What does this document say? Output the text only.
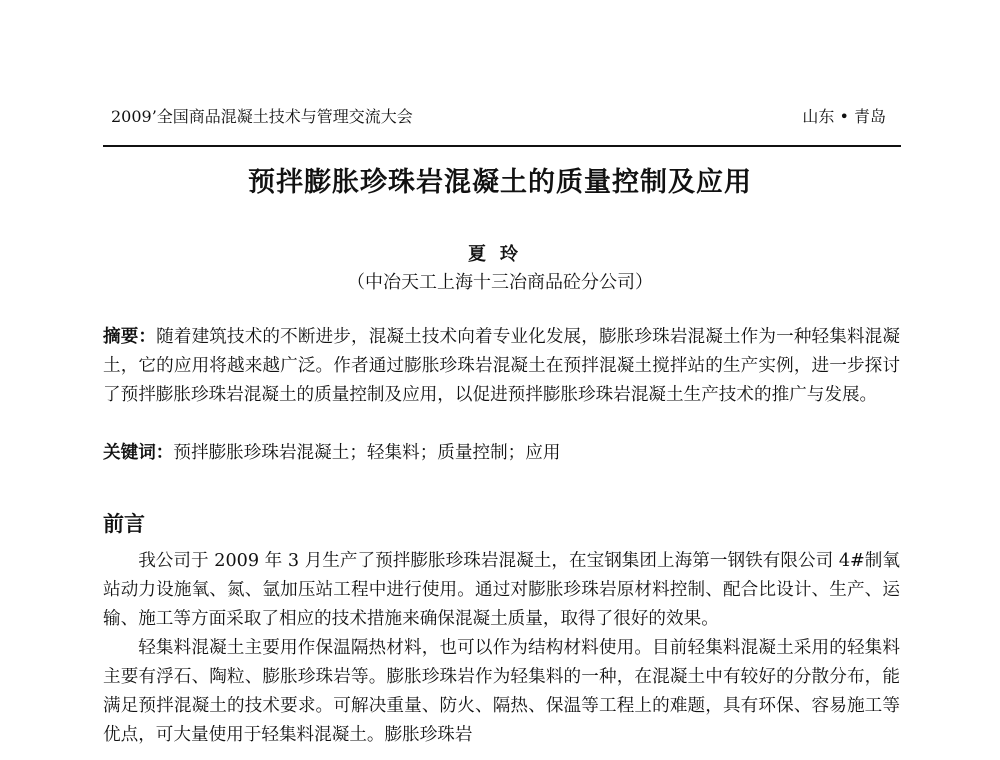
2009’全国商品混凝土技术与管理交流大会	山东 • 青岛
预拌膨胀珍珠岩混凝土的质量控制及应用
夏玲
（中冶天工上海十三冶商品砼分公司）
摘要：随着建筑技术的不断进步，混凝土技术向着专业化发展，膨胀珍珠岩混凝土作为一种轻集料混凝土，它的应用将越来越广泛。作者通过膨胀珍珠岩混凝土在预拌混凝土搅拌站的生产实例，进一步探讨了预拌膨胀珍珠岩混凝土的质量控制及应用，以促进预拌膨胀珍珠岩混凝土生产技术的推广与发展。
关键词：预拌膨胀珍珠岩混凝土；轻集料；质量控制；应用
前言

我公司于 2009 年 3 月生产了预拌膨胀珍珠岩混凝土，在宝钢集团上海第一钢铁有限公司 4#制氧站动力设施氧、氮、氩加压站工程中进行使用。通过对膨胀珍珠岩原材料控制、配合比设计、生产、运输、施工等方面采取了相应的技术措施来确保混凝土质量，取得了很好的效果。

轻集料混凝土主要用作保温隔热材料，也可以作为结构材料使用。目前轻集料混凝土采用的轻集料主要有浮石、陶粒、膨胀珍珠岩等。膨胀珍珠岩作为轻集料的一种，在混凝土中有较好的分散分布，能满足预拌混凝土的技术要求。可解决重量、防火、隔热、保温等工程上的难题，具有环保、容易施工等优点，可大量使用于轻集料混凝土。膨胀珍珠岩
